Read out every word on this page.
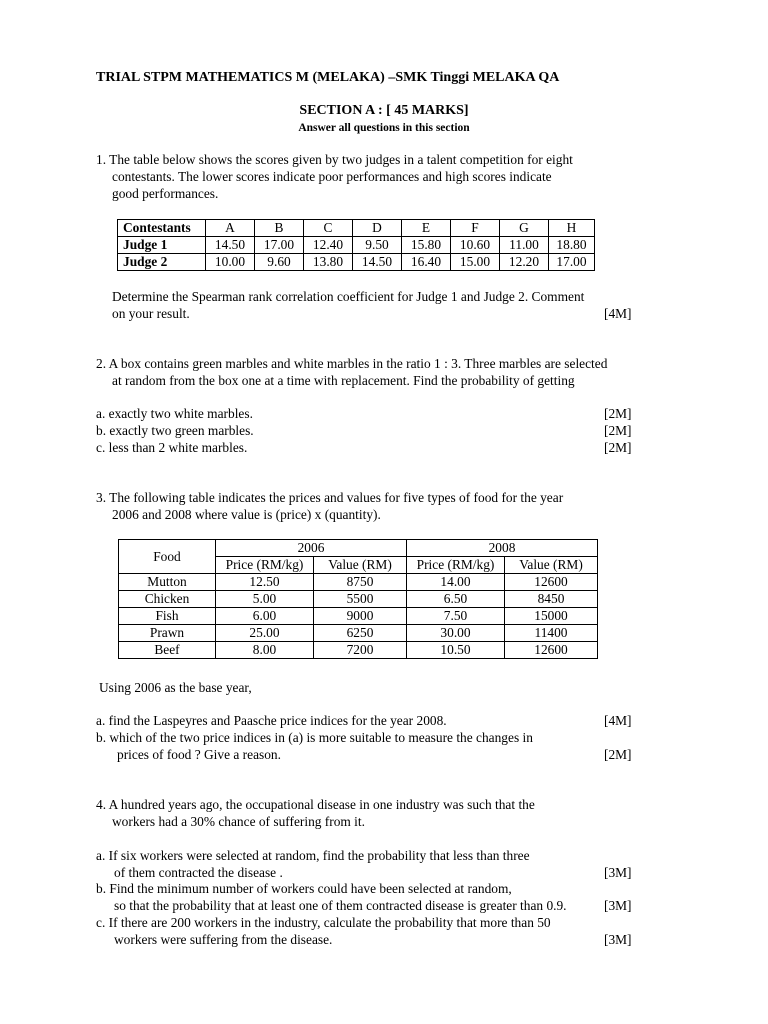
TRIAL STPM MATHEMATICS M (MELAKA) –SMK Tinggi MELAKA QA
SECTION A : [ 45 MARKS]
Answer all questions in this section
1. The table below shows the scores given by two judges in a talent competition for eight
contestants. The lower scores indicate poor performances and high scores indicate
good performances.
Contestants	A	B	C	D	E	F	G	H
Judge 1	14.50	17.00	12.40	9.50	15.80	10.60	11.00	18.80
Judge 2	10.00	9.60	13.80	14.50	16.40	15.00	12.20	17.00
Determine the Spearman rank correlation coefficient for Judge 1 and Judge 2. Comment
on your result.	[4M]
2. A box contains green marbles and white marbles in the ratio 1 : 3. Three marbles are selected
at random from the box one at a time with replacement. Find the probability of getting
a. exactly two white marbles.	[2M]
b. exactly two green marbles.	[2M]
c. less than 2 white marbles.	[2M]
3. The following table indicates the prices and values for five types of food for the year
2006 and 2008 where value is (price) x (quantity).
Food	2006		2008	
	Price (RM/kg)	Value (RM)	Price (RM/kg)	Value (RM)
Mutton	12.50	8750	14.00	12600
Chicken	5.00	5500	6.50	8450
Fish	6.00	9000	7.50	15000
Prawn	25.00	6250	30.00	11400
Beef	8.00	7200	10.50	12600
Using 2006 as the base year,
a. find the Laspeyres and Paasche price indices for the year 2008.	[4M]
b. which of the two price indices in (a) is more suitable to measure the changes in
prices of food ? Give a reason.	[2M]
4. A hundred years ago, the occupational disease in one industry was such that the
workers had a 30% chance of suffering from it.
a. If six workers were selected at random, find the probability that less than three
of them contracted the disease .	[3M]
b. Find the minimum number of workers could have been selected at random,
so that the probability that at least one of them contracted disease is greater than 0.9.	[3M]
c. If there are 200 workers in the industry, calculate the probability that more than 50
workers were suffering from the disease.	[3M]
